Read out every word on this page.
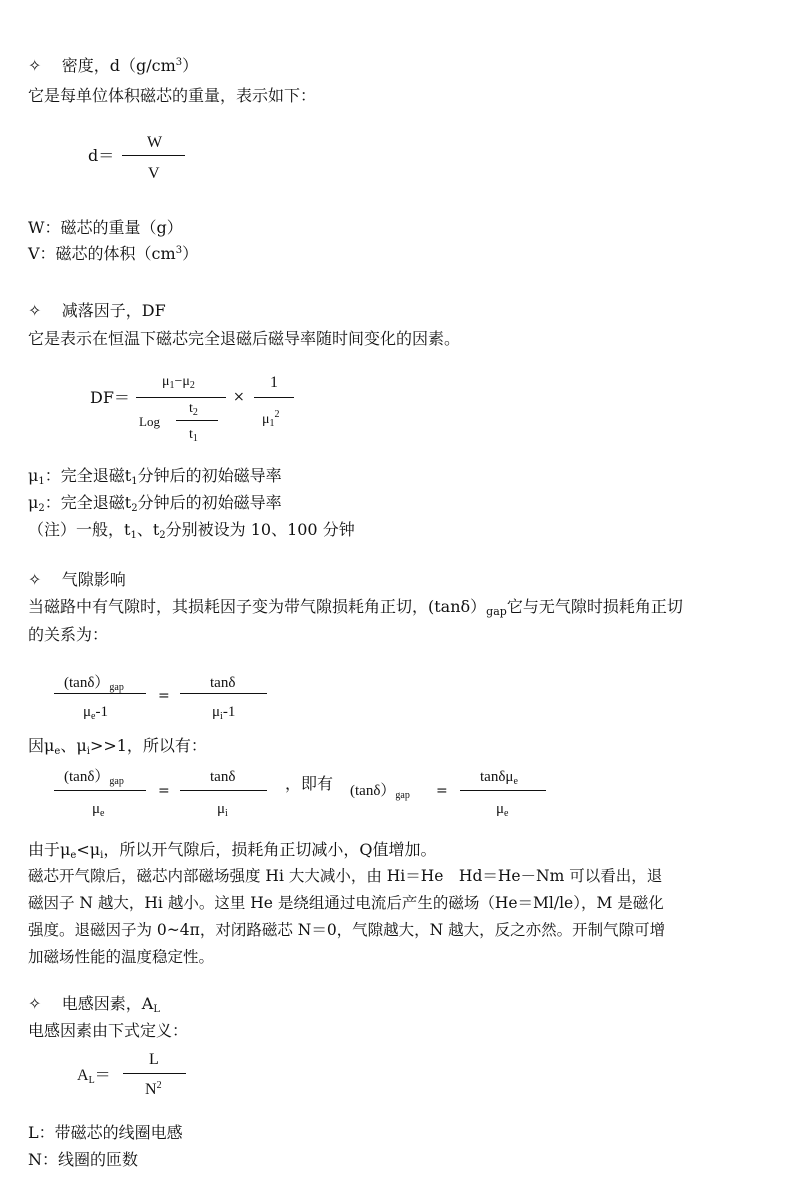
✧ 密度，$d(g/cm^3)$
它是每单位体积磁芯的重量，表示如下：
d＝
W
V
W：磁芯的重量（g）
V：磁芯的体积$(cm^3)$
✧ 减落因子，DF
它是表示在恒温下磁芯完全退磁后磁导率随时间变化的因素。
DF＝
$\mu_1-\mu_2$
Log
$t_2$
$t_1$
×
1
$\mu_1^2$
$\mu_1$：完全退磁$t_1$分钟后的初始磁导率
$\mu_2$：完全退磁$t_2$分钟后的初始磁导率
（注）一般，$t_1$、$t_2$分别被设为 10、100 分钟
✧ 气隙影响
当磁路中有气隙时，其损耗因子变为带气隙损耗角正切，$(\tan\delta)_{gap}$它与无气隙时损耗角正切
的关系为：
$(\tan\delta)_{gap}$
$\mu_e-1$
=
tanδ
$\mu_i-1$
因$\mu_e$、$\mu_i>>1$，所以有：
$(\tan\delta)_{gap}$
$\mu_e$
=
tanδ
$\mu_i$
，即有 $(\tan\delta)_{gap}$ =
tanδμ$_e$
$\mu_e$
由于$\mu_e<\mu_i$，所以开气隙后，损耗角正切减小，Q值增加。
磁芯开气隙后，磁芯内部磁场强度 Hi 大大减小，由 Hi＝He　Hd＝He－Nm 可以看出，退
磁因子 N 越大，Hi 越小。这里 He 是绕组通过电流后产生的磁场（He＝Ml/le），M 是磁化
强度。退磁因子为 0~4π，对闭路磁芯 N＝0，气隙越大，N 越大，反之亦然。开制气隙可增
加磁场性能的温度稳定性。
✧ 电感因素，$A_L$
电感因素由下式定义：
$A_L=$
L
$N^2$
L：带磁芯的线圈电感
N：线圈的匝数
